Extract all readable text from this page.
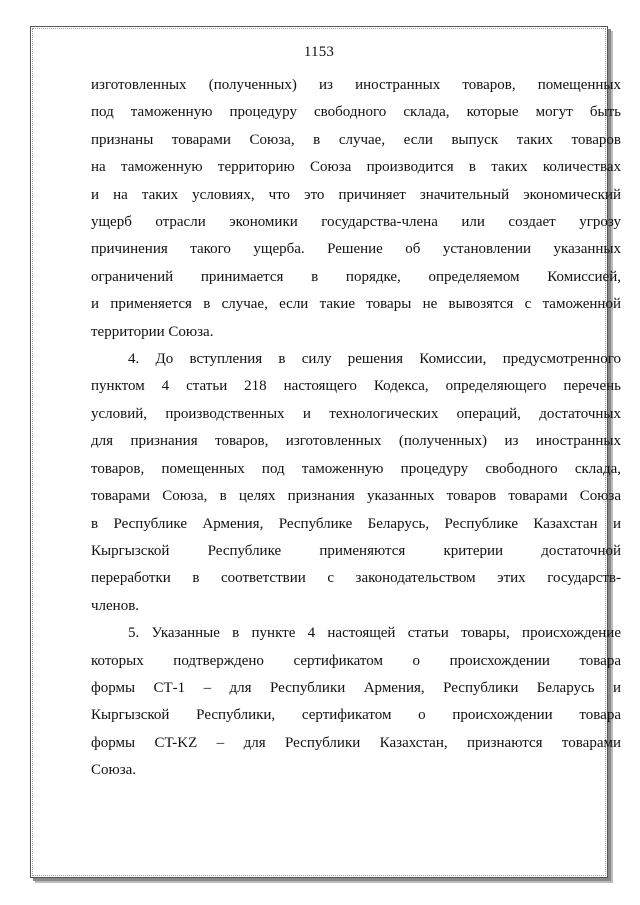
1153

изготовленных (полученных) из иностранных товаров, помещенных
под таможенную процедуру свободного склада, которые могут быть
признаны товарами Союза, в случае, если выпуск таких товаров
на таможенную территорию Союза производится в таких количествах
и на таких условиях, что это причиняет значительный экономический
ущерб отрасли экономики государства-члена или создает угрозу
причинения такого ущерба. Решение об установлении указанных
ограничений принимается в порядке, определяемом Комиссией,
и применяется в случае, если такие товары не вывозятся с таможенной
территории Союза.

4. До вступления в силу решения Комиссии, предусмотренного
пунктом 4 статьи 218 настоящего Кодекса, определяющего перечень
условий, производственных и технологических операций, достаточных
для признания товаров, изготовленных (полученных) из иностранных
товаров, помещенных под таможенную процедуру свободного склада,
товарами Союза, в целях признания указанных товаров товарами Союза
в Республике Армения, Республике Беларусь, Республике Казахстан и
Кыргызской Республике применяются критерии достаточной
переработки в соответствии с законодательством этих государств-
членов.

5. Указанные в пункте 4 настоящей статьи товары, происхождение
которых подтверждено сертификатом о происхождении товара
формы СТ-1 – для Республики Армения, Республики Беларусь и
Кыргызской Республики, сертификатом о происхождении товара
формы CT-KZ – для Республики Казахстан, признаются товарами
Союза.
